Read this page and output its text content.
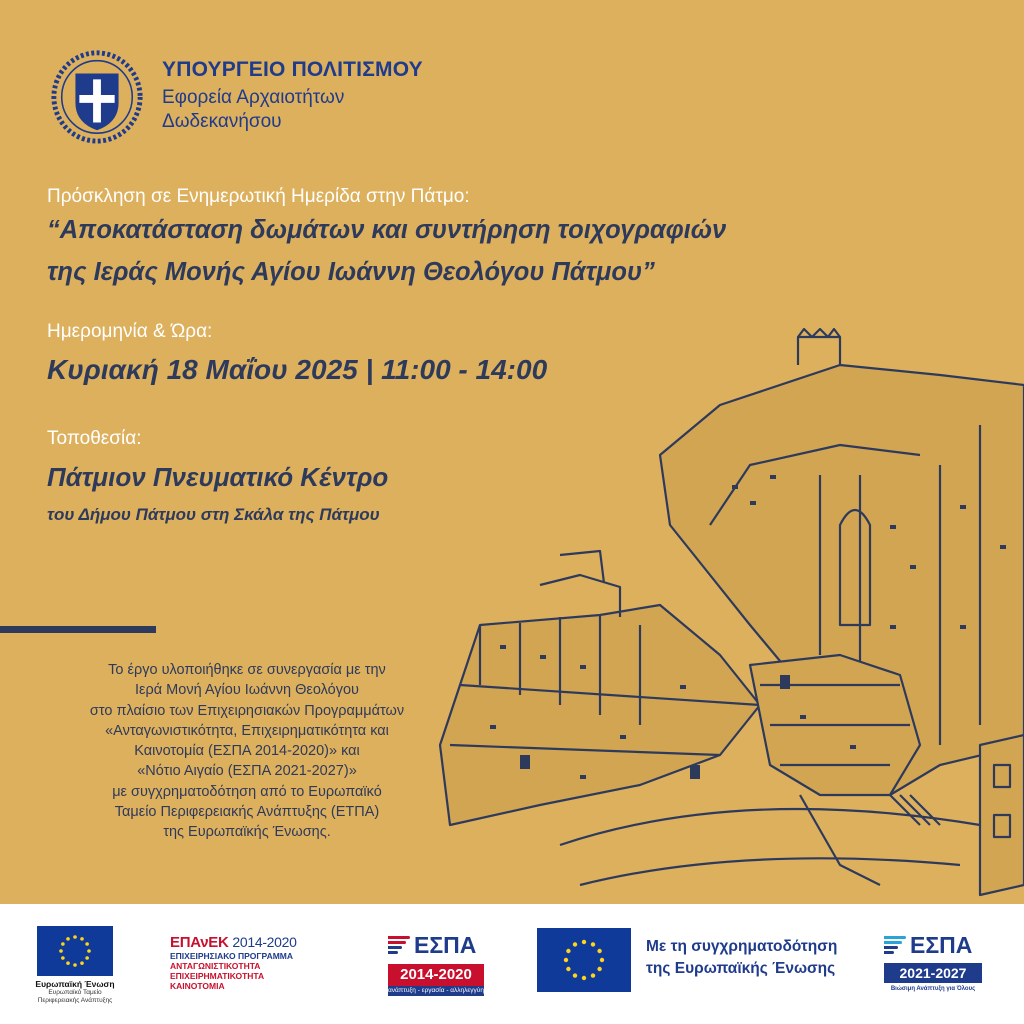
ΥΠΟΥΡΓΕΙΟ ΠΟΛΙΤΙΣΜΟΥ
Εφορεία Αρχαιοτήτων
Δωδεκανήσου
Πρόσκληση σε Ενημερωτική Ημερίδα στην Πάτμο:
“Αποκατάσταση δωμάτων και συντήρηση τοιχογραφιών
της Ιεράς Μονής Αγίου Ιωάννη Θεολόγου Πάτμου”
Ημερομηνία & Ώρα:
Κυριακή 18 Μαΐου 2025 | 11:00 - 14:00
Τοποθεσία:
Πάτμιον Πνευματικό Κέντρο
του Δήμου Πάτμου στη Σκάλα της Πάτμου
Το έργο υλοποιήθηκε σε συνεργασία με την
Ιερά Μονή Αγίου Ιωάννη Θεολόγου
στο πλαίσιο των Επιχειρησιακών Προγραμμάτων
«Ανταγωνιστικότητα, Επιχειρηματικότητα και
Καινοτομία (ΕΣΠΑ 2014-2020)» και
«Νότιο Αιγαίο (ΕΣΠΑ 2021-2027)»
με συγχρηματοδότηση από το Ευρωπαϊκό
Ταμείο Περιφερειακής Ανάπτυξης (ΕΤΠΑ)
της Ευρωπαϊκής Ένωσης.
Ευρωπαϊκή Ένωση
Ευρωπαϊκό Ταμείο
Περιφερειακής Ανάπτυξης
ΕΠΑνΕΚ 2014-2020
ΕΠΙΧΕΙΡΗΣΙΑΚΟ ΠΡΟΓΡΑΜΜΑ
ΑΝΤΑΓΩΝΙΣΤΙΚΟΤΗΤΑ
ΕΠΙΧΕΙΡΗΜΑΤΙΚΟΤΗΤΑ
ΚΑΙΝΟΤΟΜΙΑ
ΕΣΠΑ
2014-2020
ανάπτυξη - εργασία - αλληλεγγύη
Με τη συγχρηματοδότηση
της Ευρωπαϊκής Ένωσης
ΕΣΠΑ
2021-2027
Βιώσιμη Ανάπτυξη για Όλους
